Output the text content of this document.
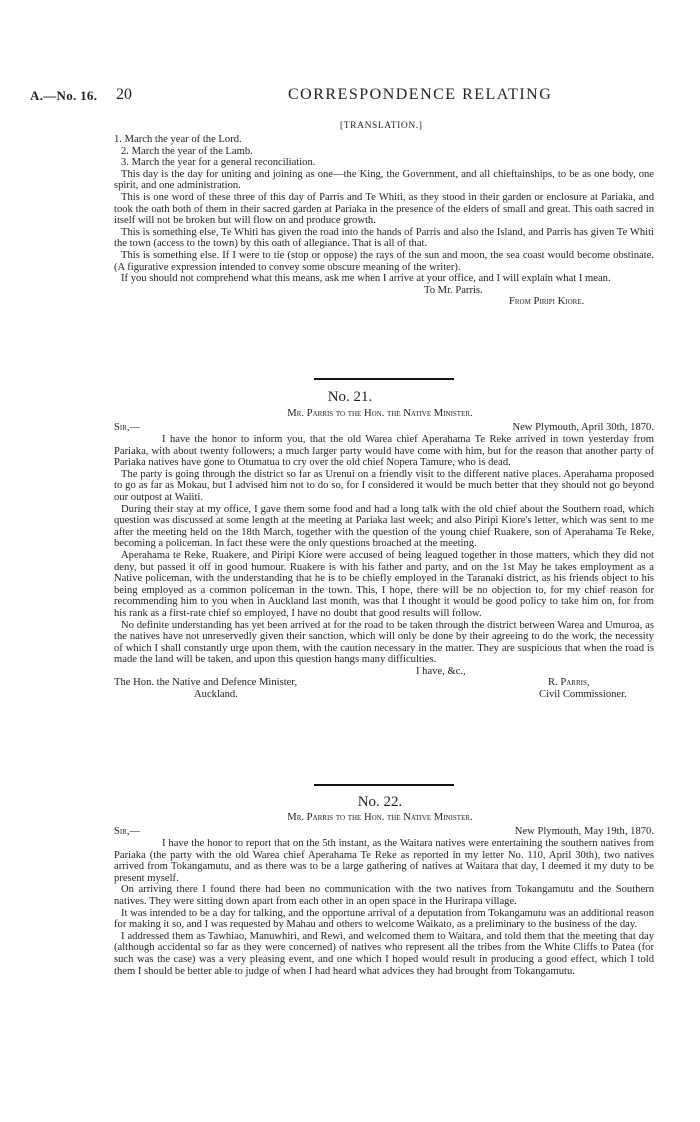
A.—No. 16. 20	CORRESPONDENCE RELATING
[TRANSLATION.]

1. March the year of the Lord.

2. March the year of the Lamb.

3. March the year for a general reconciliation.

This day is the day for uniting and joining as one—the King, the Government, and all chieftainships, to be as one body, one spirit, and one administration.

This is one word of these three of this day of Parris and Te Whiti, as they stood in their garden or enclosure at Pariaka, and took the oath both of them in their sacred garden at Pariaka in the presence of the elders of small and great. This oath sacred in itself will not be broken but will flow on and produce growth.

This is something else, Te Whiti has given the road into the hands of Parris and also the Island, and Parris has given Te Whiti the town (access to the town) by this oath of allegiance. That is all of that.

This is something else. If I were to tie (stop or oppose) the rays of the sun and moon, the sea coast would become obstinate. (A figurative expression intended to convey some obscure meaning of the writer).

If you should not comprehend what this means, ask me when I arrive at your office, and I will explain what I mean.

To Mr. Parris.

From Piripi Kiore.

No. 21.
Mr. Parris to the Hon. the Native Minister.
Sir,—	New Plymouth, April 30th, 1870.

I have the honor to inform you, that the old Warea chief Aperahama Te Reke arrived in town yesterday from Pariaka, with about twenty followers; a much larger party would have come with him, but for the reason that another party of Pariaka natives have gone to Otumatua to cry over the old chief Nopera Tamure, who is dead.

The party is going through the district so far as Urenui on a friendly visit to the different native places. Aperahama proposed to go as far as Mokau, but I advised him not to do so, for I considered it would be much better that they should not go beyond our outpost at Waiiti.

During their stay at my office, I gave them some food and had a long talk with the old chief about the Southern road, which question was discussed at some length at the meeting at Pariaka last week; and also Piripi Kiore's letter, which was sent to me after the meeting held on the 18th March, together with the question of the young chief Ruakere, son of Aperahama Te Reke, becoming a policeman. In fact these were the only questions broached at the meeting.

Aperahama te Reke, Ruakere, and Piripi Kiore were accused of being leagued together in those matters, which they did not deny, but passed it off in good humour. Ruakere is with his father and party, and on the 1st May he takes employment as a Native policeman, with the understanding that he is to be chiefly employed in the Taranaki district, as his friends object to his being employed as a common policeman in the town. This, I hope, there will be no objection to, for my chief reason for recommending him to you when in Auckland last month, was that I thought it would be good policy to take him on, for from his rank as a first-rate chief so employed, I have no doubt that good results will follow.

No definite understanding has yet been arrived at for the road to be taken through the district between Warea and Umuroa, as the natives have not unreservedly given their sanction, which will only be done by their agreeing to do the work, the necessity of which I shall constantly urge upon them, with the caution necessary in the matter. They are suspicious that when the road is made the land will be taken, and upon this question hangs many difficulties.

I have, &c.,

The Hon. the Native and Defence Minister,
Auckland.
R. Parris,
Civil Commissioner.
No. 22.
Mr. Parris to the Hon. the Native Minister.
Sir,—	New Plymouth, May 19th, 1870.

I have the honor to report that on the 5th instant, as the Waitara natives were entertaining the southern natives from Pariaka (the party with the old Warea chief Aperahama Te Reke as reported in my letter No. 110, April 30th), two natives arrived from Tokangamutu, and as there was to be a large gathering of natives at Waitara that day, I deemed it my duty to be present myself.

On arriving there I found there had been no communication with the two natives from Tokangamutu and the Southern natives. They were sitting down apart from each other in an open space in the Hurirapa village.

It was intended to be a day for talking, and the opportune arrival of a deputation from Tokangamutu was an additional reason for making it so, and I was requested by Mahau and others to welcome Waikato, as a preliminary to the business of the day.

I addressed them as Tawhiao, Manuwhiri, and Rewi, and welcomed them to Waitara, and told them that the meeting that day (although accidental so far as they were concerned) of natives who represent all the tribes from the White Cliffs to Patea (for such was the case) was a very pleasing event, and one which I hoped would result in producing a good effect, which I told them I should be better able to judge of when I had heard what advices they had brought from Tokangamutu.
